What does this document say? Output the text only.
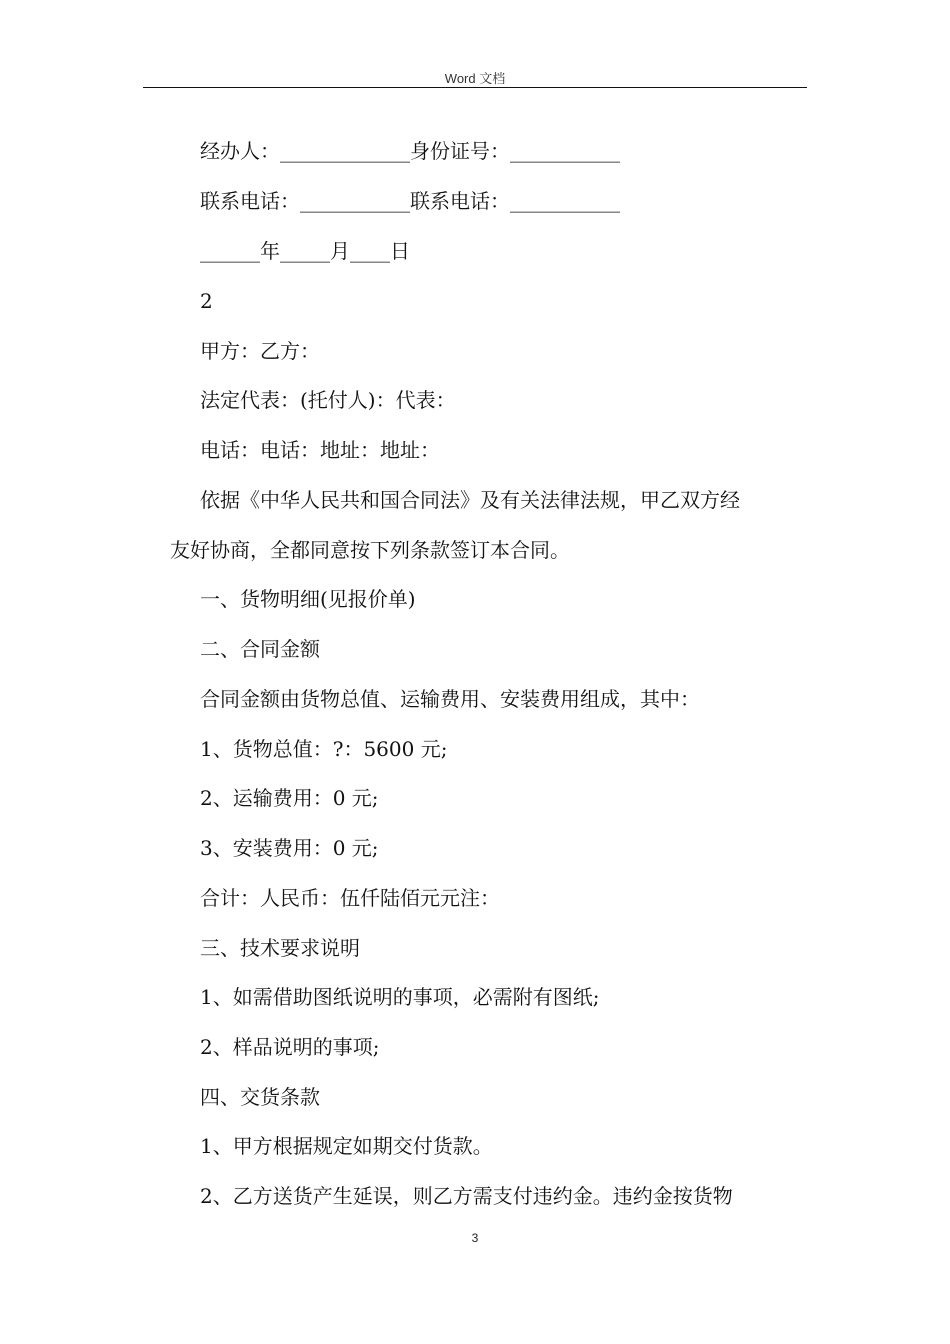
Word 文档
经办人：_____________身份证号：___________
联系电话：___________联系电话：___________
______年_____月____日
2
甲方：乙方：
法定代表：(托付人)：代表：
电话：电话：地址：地址：
依据《中华人民共和国合同法》及有关法律法规，甲乙双方经
友好协商，全都同意按下列条款签订本合同。
一、货物明细(见报价单)
二、合同金额
合同金额由货物总值、运输费用、安装费用组成，其中：
1、货物总值：?：5600 元;
2、运输费用：0 元;
3、安装费用：0 元;
合计：人民币：伍仟陆佰元元注：
三、技术要求说明
1、如需借助图纸说明的事项，必需附有图纸;
2、样品说明的事项;
四、交货条款
1、甲方根据规定如期交付货款。
2、乙方送货产生延误，则乙方需支付违约金。违约金按货物
3
